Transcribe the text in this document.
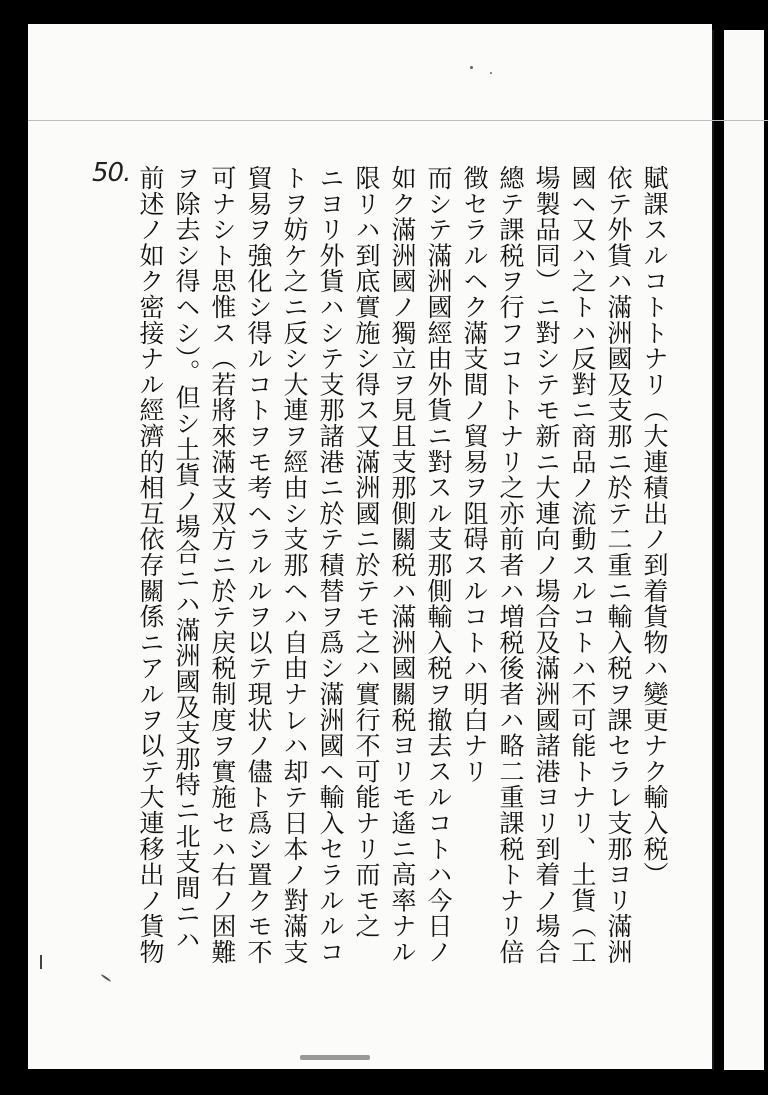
50.	賦課スルコトトナリ（大連積出ノ到着貨物ハ變更ナク輸入税）
依テ外貨ハ滿洲國及支那ニ於テ二重ニ輸入税ヲ課セラレ支那ヨリ滿洲
國ヘ又ハ之トハ反對ニ商品ノ流動スルコトハ不可能トナリ、土貨（工
場製品同）ニ對シテモ新ニ大連向ノ場合及滿洲國諸港ヨリ到着ノ場合
總テ課税ヲ行フコトトナリ之亦前者ハ増税後者ハ略二重課税トナリ倍
徴セラルヘク滿支間ノ貿易ヲ阻碍スルコトハ明白ナリ
而シテ滿洲國經由外貨ニ對スル支那側輸入税ヲ撤去スルコトハ今日ノ
如ク滿洲國ノ獨立ヲ見且支那側關税ハ滿洲國關税ヨリモ遙ニ高率ナル
限リハ到底實施シ得ス又滿洲國ニ於テモ之ハ實行不可能ナリ而モ之
ニヨリ外貨ハシテ支那諸港ニ於テ積替ヲ爲シ滿洲國ヘ輸入セラルルコ
トヲ妨ケ之ニ反シ大連ヲ經由シ支那ヘハ自由ナレハ却テ日本ノ對滿支
貿易ヲ強化シ得ルコトヲモ考ヘラルルヲ以テ現状ノ儘ト爲シ置クモ不
可ナシト思惟ス（若將來滿支双方ニ於テ戻税制度ヲ實施セハ右ノ困難
ヲ除去シ得ヘシ）。但シ土貨ノ場合ニハ滿洲國及支那特ニ北支間ニハ
前述ノ如ク密接ナル經濟的相互依存關係ニアルヲ以テ大連移出ノ貨物
